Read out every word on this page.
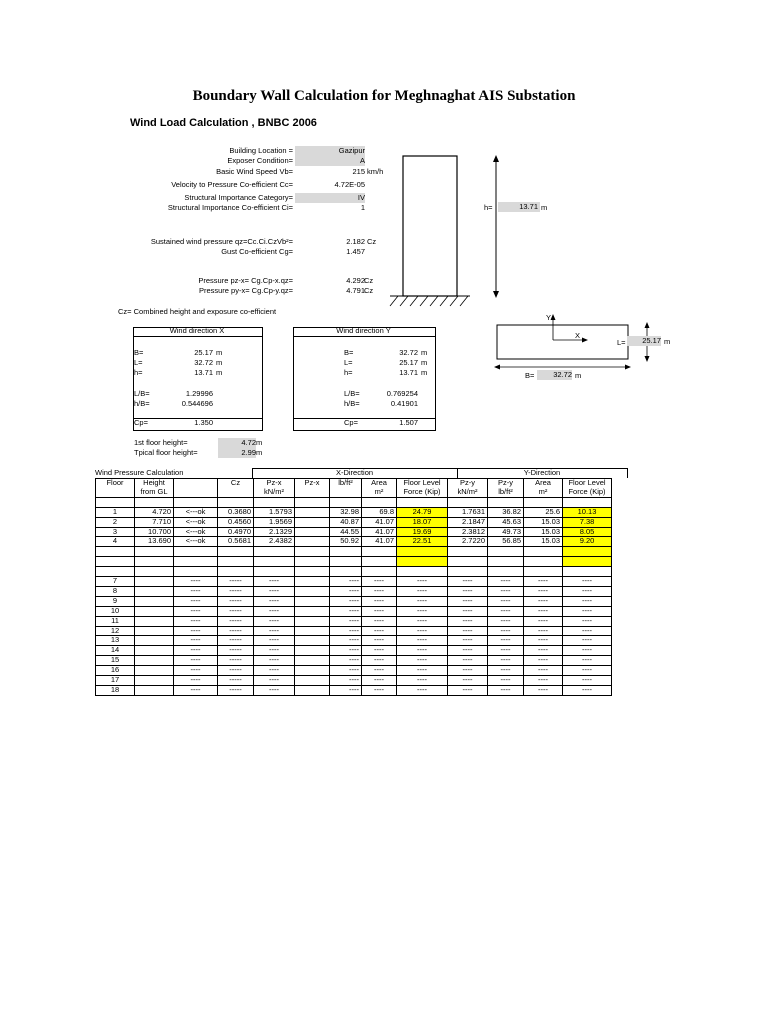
Boundary Wall Calculation for Meghnaghat AIS Substation
Wind Load Calculation , BNBC 2006
Building Location =	Gazipur
Exposer Condition=	A
Basic Wind Speed Vb=	215 km/h
Velocity to Pressure Co-efficient Cc=	4.72E-05
Structural Importance Category=	IV
Structural Importance Co-efficient Ci=	1
Sustained wind pressure qz=Cc.Ci.CzVb²=	2.182 Cz
Gust Co-efficient Cg=	1.457
Pressure pz-x= Cg.Cp-x.qz=	4.292 Cz
Pressure py-x= Cg.Cp-y.qz=	4.791 Cz
h=	13.71 m
Y
X
L=	25.17 m
B=	32.72 m
Cz= Combined height and exposure co-efficient
Wind direction X
B=	25.17 m
L=	32.72 m
h=	13.71 m
L/B=	1.29996
h/B=	0.544696
Cp=	1.350
Wind direction Y
B=	32.72 m
L=	25.17 m
h=	13.71 m
L/B=	0.769254
h/B=	0.41901
Cp=	1.507
1st floor height=	4.72 m
Tpical floor height=	2.99 m
Wind Pressure Calculation	X-Direction	Y-Direction
Floor	Height		Cz	Pz-x	Pz-x	lb/ft²	Area	Floor Level	Pz-y	Pz-y	Area	Floor Level
	from GL			kN/m²			m²	Force (Kip)	kN/m²	lb/ft²	m²	Force (Kip)

1	4.720	<---ok	0.3680	1.5793		32.98	69.8	24.79	1.7631	36.82	25.6	10.13
2	7.710	<---ok	0.4560	1.9569		40.87	41.07	18.07	2.1847	45.63	15.03	7.38
3	10.700	<---ok	0.4970	2.1329		44.55	41.07	19.69	2.3812	49.73	15.03	8.05
4	13.690	<---ok	0.5681	2.4382		50.92	41.07	22.51	2.7220	56.85	15.03	9.20

7		----	-----	----		----	----	----	----	----	----	----
8		----	-----	----		----	----	----	----	----	----	----
9		----	-----	----		----	----	----	----	----	----	----
10		----	-----	----		----	----	----	----	----	----	----
11		----	-----	----		----	----	----	----	----	----	----
12		----	-----	----		----	----	----	----	----	----	----
13		----	-----	----		----	----	----	----	----	----	----
14		----	-----	----		----	----	----	----	----	----	----
15		----	-----	----		----	----	----	----	----	----	----
16		----	-----	----		----	----	----	----	----	----	----
17		----	-----	----		----	----	----	----	----	----	----
18		----	-----	----		----	----	----	----	----	----	----
